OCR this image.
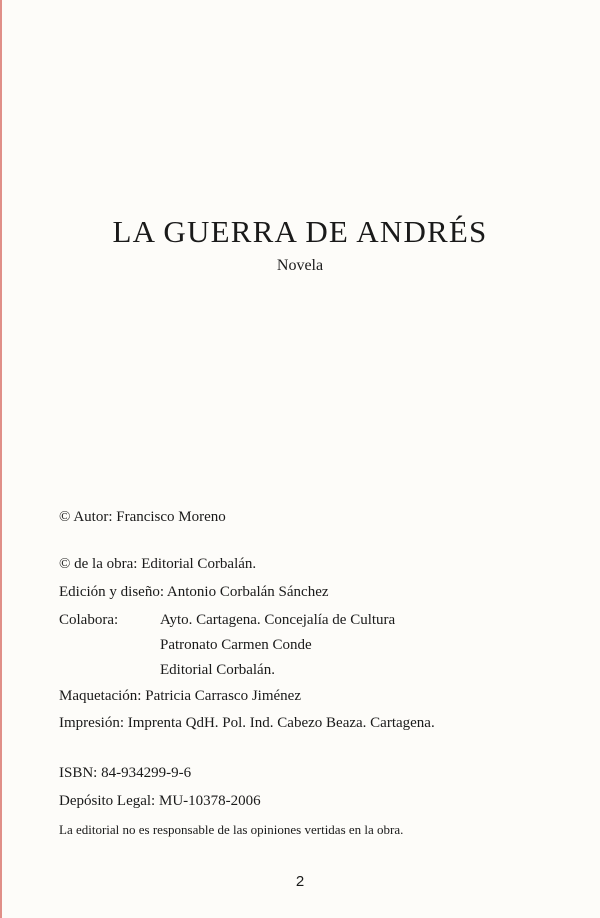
LA GUERRA DE ANDRÉS
Novela
© Autor: Francisco Moreno
© de la obra: Editorial Corbalán.
Edición y diseño: Antonio Corbalán Sánchez
Colabora:	Ayto. Cartagena. Concejalía de Cultura
Patronato Carmen Conde
Editorial Corbalán.
Maquetación: Patricia Carrasco Jiménez
Impresión: Imprenta QdH. Pol. Ind. Cabezo Beaza. Cartagena.
ISBN: 84-934299-9-6
Depósito Legal: MU-10378-2006
La editorial no es responsable de las opiniones vertidas en la obra.
2
